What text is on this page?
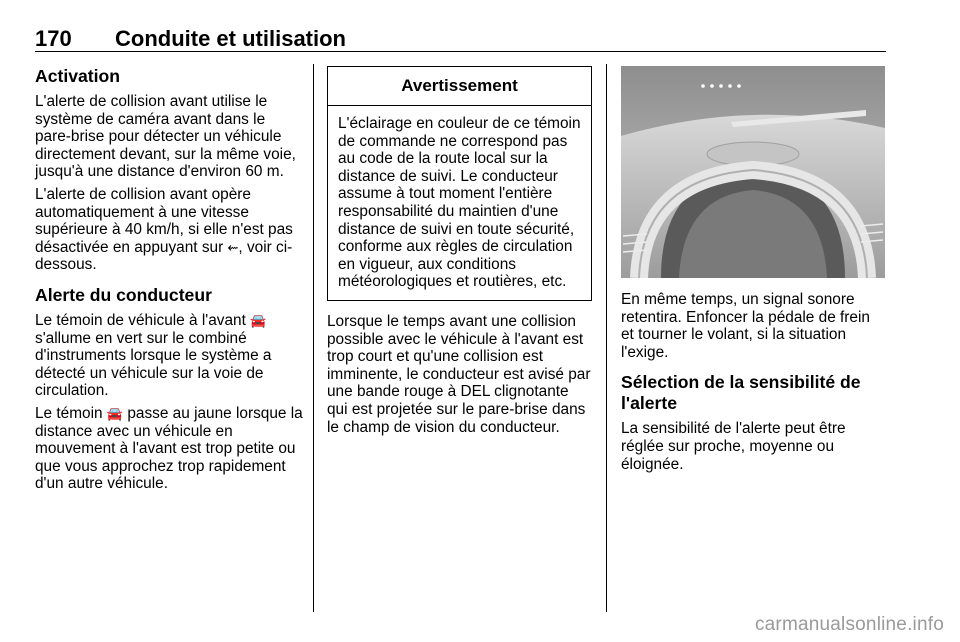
170 Conduite et utilisation
Activation

L'alerte de collision avant utilise le système de caméra avant dans le pare-brise pour détecter un véhicule directement devant, sur la même voie, jusqu'à une distance d'environ 60 m.

L'alerte de collision avant opère automatiquement à une vitesse supérieure à 40 km/h, si elle n'est pas désactivée en appuyant sur ⇜, voir ci-dessous.

Alerte du conducteur

Le témoin de véhicule à l'avant 🚘 s'allume en vert sur le combiné d'instruments lorsque le système a détecté un véhicule sur la voie de circulation.

Le témoin 🚘 passe au jaune lorsque la distance avec un véhicule en mouvement à l'avant est trop petite ou que vous approchez trop rapidement d'un autre véhicule.

Avertissement
L'éclairage en couleur de ce témoin de commande ne correspond pas au code de la route local sur la distance de suivi. Le conducteur assume à tout moment l'entière responsabilité du maintien d'une distance de suivi en toute sécurité, conforme aux règles de circulation en vigueur, aux conditions météorologiques et routières, etc.

Lorsque le temps avant une collision possible avec le véhicule à l'avant est trop court et qu'une collision est imminente, le conducteur est avisé par une bande rouge à DEL clignotante qui est projetée sur le pare-brise dans le champ de vision du conducteur.

En même temps, un signal sonore retentira. Enfoncer la pédale de frein et tourner le volant, si la situation l'exige.

Sélection de la sensibilité de l'alerte

La sensibilité de l'alerte peut être réglée sur proche, moyenne ou éloignée.

carmanualsonline.info
